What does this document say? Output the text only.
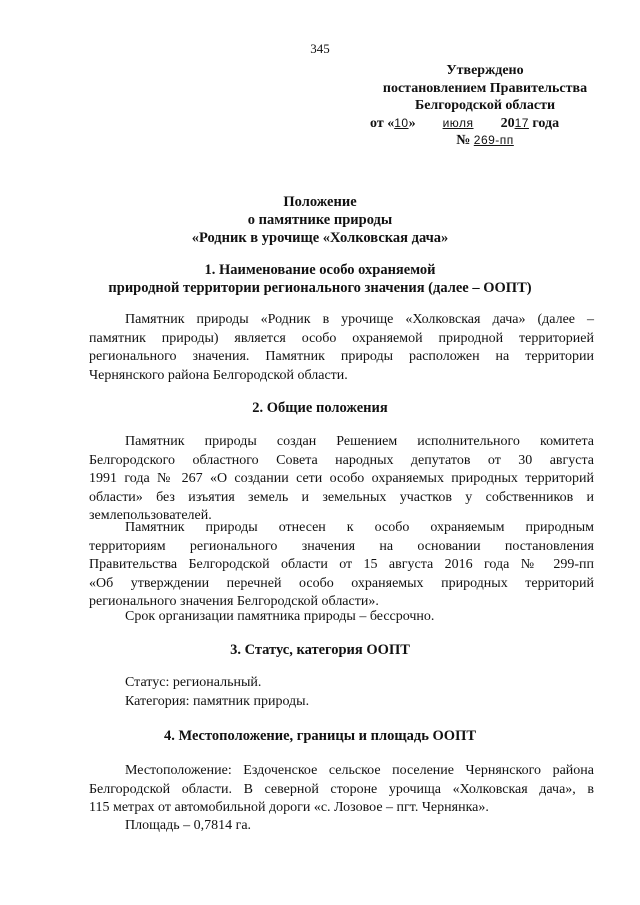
345
Утверждено
постановлением Правительства
Белгородской области
от «10» июля 2017 года
№ 269-пп
Положение
о памятнике природы
«Родник в урочище «Холковская дача»
1. Наименование особо охраняемой
природной территории регионального значения (далее – ООПТ)
Памятник природы «Родник в урочище «Холковская дача» (далее –
памятник природы) является особо охраняемой природной территорией
регионального значения. Памятник природы расположен на территории
Чернянского района Белгородской области.
2. Общие положения
Памятник природы создан Решением исполнительного комитета
Белгородского областного Совета народных депутатов от 30 августа
1991 года № 267 «О создании сети особо охраняемых природных территорий
области» без изъятия земель и земельных участков у собственников и
землепользователей.
Памятник природы отнесен к особо охраняемым природным
территориям регионального значения на основании постановления
Правительства Белгородской области от 15 августа 2016 года № 299-пп
«Об утверждении перечней особо охраняемых природных территорий
регионального значения Белгородской области».
Срок организации памятника природы – бессрочно.
3. Статус, категория ООПТ
Статус: региональный.
Категория: памятник природы.
4. Местоположение, границы и площадь ООПТ
Местоположение: Ездоченское сельское поселение Чернянского района
Белгородской области. В северной стороне урочища «Холковская дача», в
115 метрах от автомобильной дороги «с. Лозовое – пгт. Чернянка».
Площадь – 0,7814 га.
